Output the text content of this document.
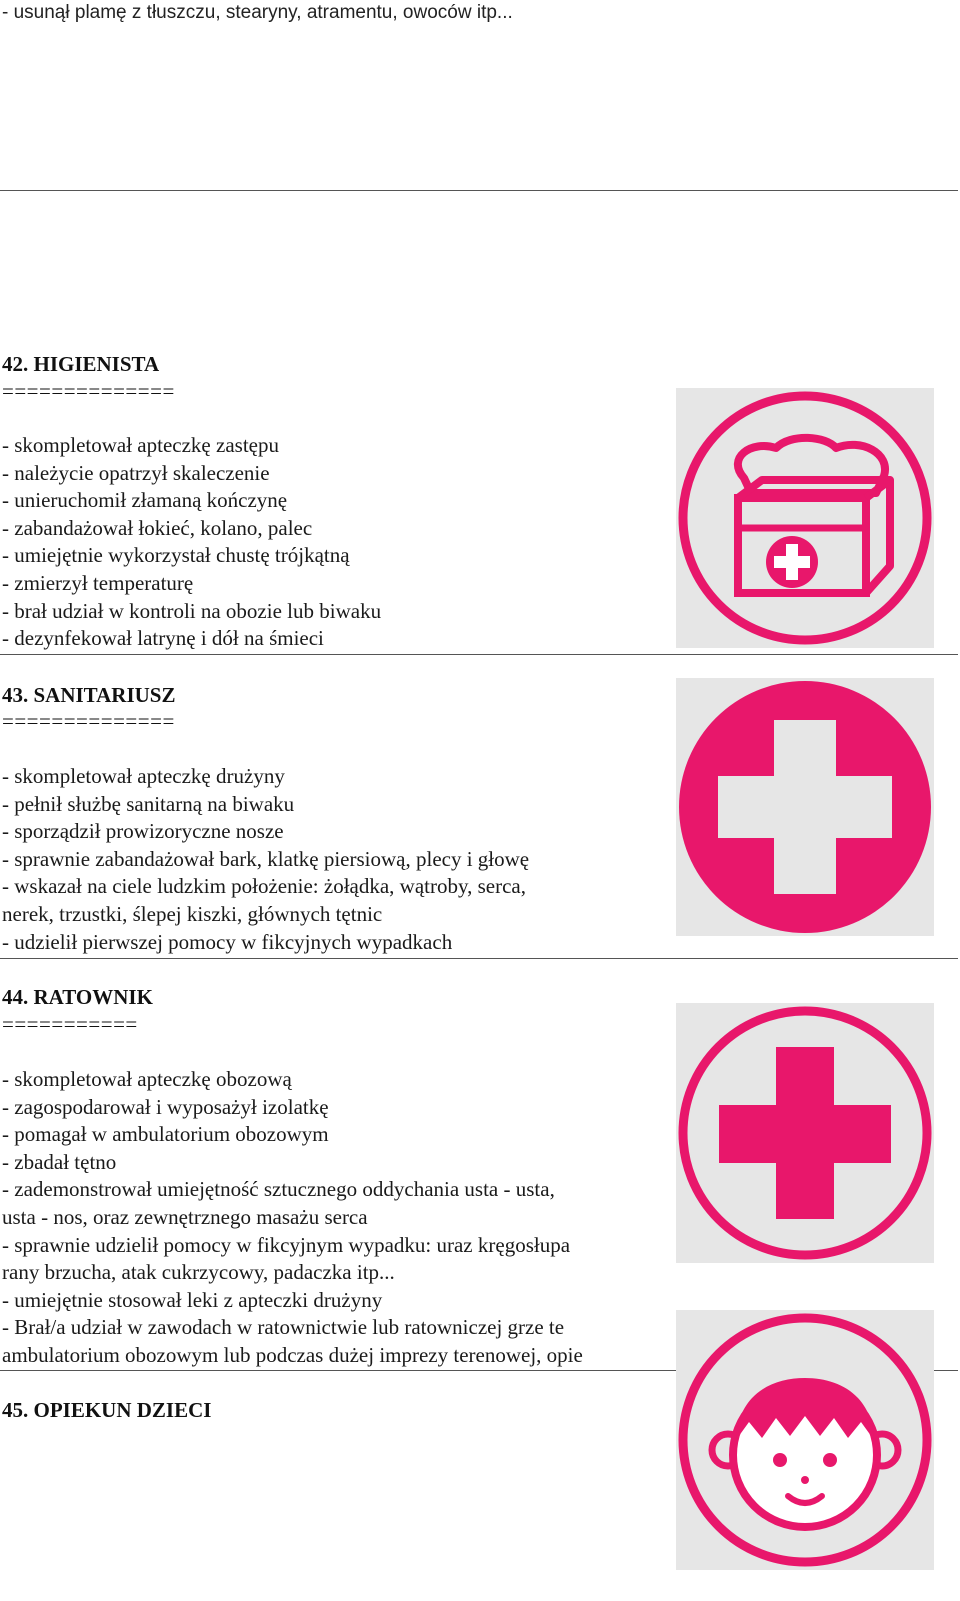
- usunął plamę z tłuszczu, stearyny, atramentu, owoców itp...
42. HIGIENISTA
==============
- skompletował apteczkę zastępu
- należycie opatrzył skaleczenie
- unieruchomił złamaną kończynę
- zabandażował łokieć, kolano, palec
- umiejętnie wykorzystał chustę trójkątną
- zmierzył temperaturę
- brał udział w kontroli na obozie lub biwaku
- dezynfekował latrynę i dół na śmieci
43. SANITARIUSZ
==============
- skompletował apteczkę drużyny
- pełnił służbę sanitarną na biwaku
- sporządził prowizoryczne nosze
- sprawnie zabandażował bark, klatkę piersiową, plecy i głowę
- wskazał na ciele ludzkim położenie: żołądka, wątroby, serca,
nerek, trzustki, ślepej kiszki, głównych tętnic
- udzielił pierwszej pomocy w fikcyjnych wypadkach
44. RATOWNIK
===========
- skompletował apteczkę obozową
- zagospodarował i wyposażył izolatkę
- pomagał w ambulatorium obozowym
- zbadał tętno
- zademonstrował umiejętność sztucznego oddychania usta - usta,
usta - nos, oraz zewnętrznego masażu serca
- sprawnie udzielił pomocy w fikcyjnym wypadku: uraz kręgosłupa
rany brzucha, atak cukrzycowy, padaczka itp...
- umiejętnie stosował leki z apteczki drużyny
- Brał/a udział w zawodach w ratownictwie lub ratowniczej grze te
ambulatorium obozowym lub podczas dużej imprezy terenowej, opie
45. OPIEKUN DZIECI
